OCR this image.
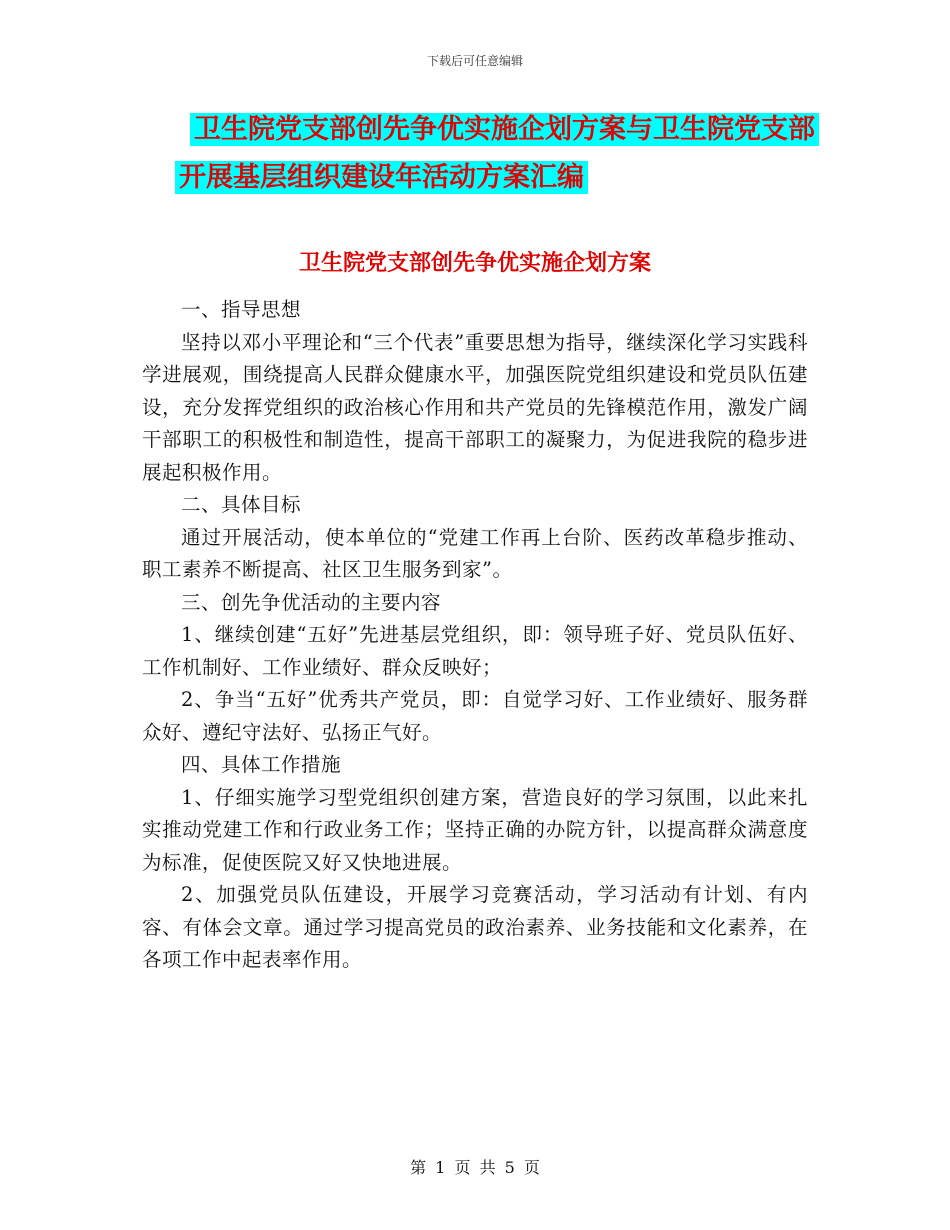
下载后可任意编辑
卫生院党支部创先争优实施企划方案与卫生院党支部
开展基层组织建设年活动方案汇编
卫生院党支部创先争优实施企划方案

一、指导思想

坚持以邓小平理论和“三个代表”重要思想为指导，继续深化学习实践科学进展观，围绕提高人民群众健康水平，加强医院党组织建设和党员队伍建设，充分发挥党组织的政治核心作用和共产党员的先锋模范作用，激发广阔干部职工的积极性和制造性，提高干部职工的凝聚力，为促进我院的稳步进展起积极作用。

二、具体目标

通过开展活动，使本单位的“党建工作再上台阶、医药改革稳步推动、职工素养不断提高、社区卫生服务到家”。

三、创先争优活动的主要内容

1、继续创建“五好”先进基层党组织，即：领导班子好、党员队伍好、工作机制好、工作业绩好、群众反映好；

2、争当“五好”优秀共产党员，即：自觉学习好、工作业绩好、服务群众好、遵纪守法好、弘扬正气好。

四、具体工作措施

1、仔细实施学习型党组织创建方案，营造良好的学习氛围，以此来扎实推动党建工作和行政业务工作；坚持正确的办院方针，以提高群众满意度为标准，促使医院又好又快地进展。

2、加强党员队伍建设，开展学习竞赛活动，学习活动有计划、有内容、有体会文章。通过学习提高党员的政治素养、业务技能和文化素养，在各项工作中起表率作用。

第 1 页 共 5 页
